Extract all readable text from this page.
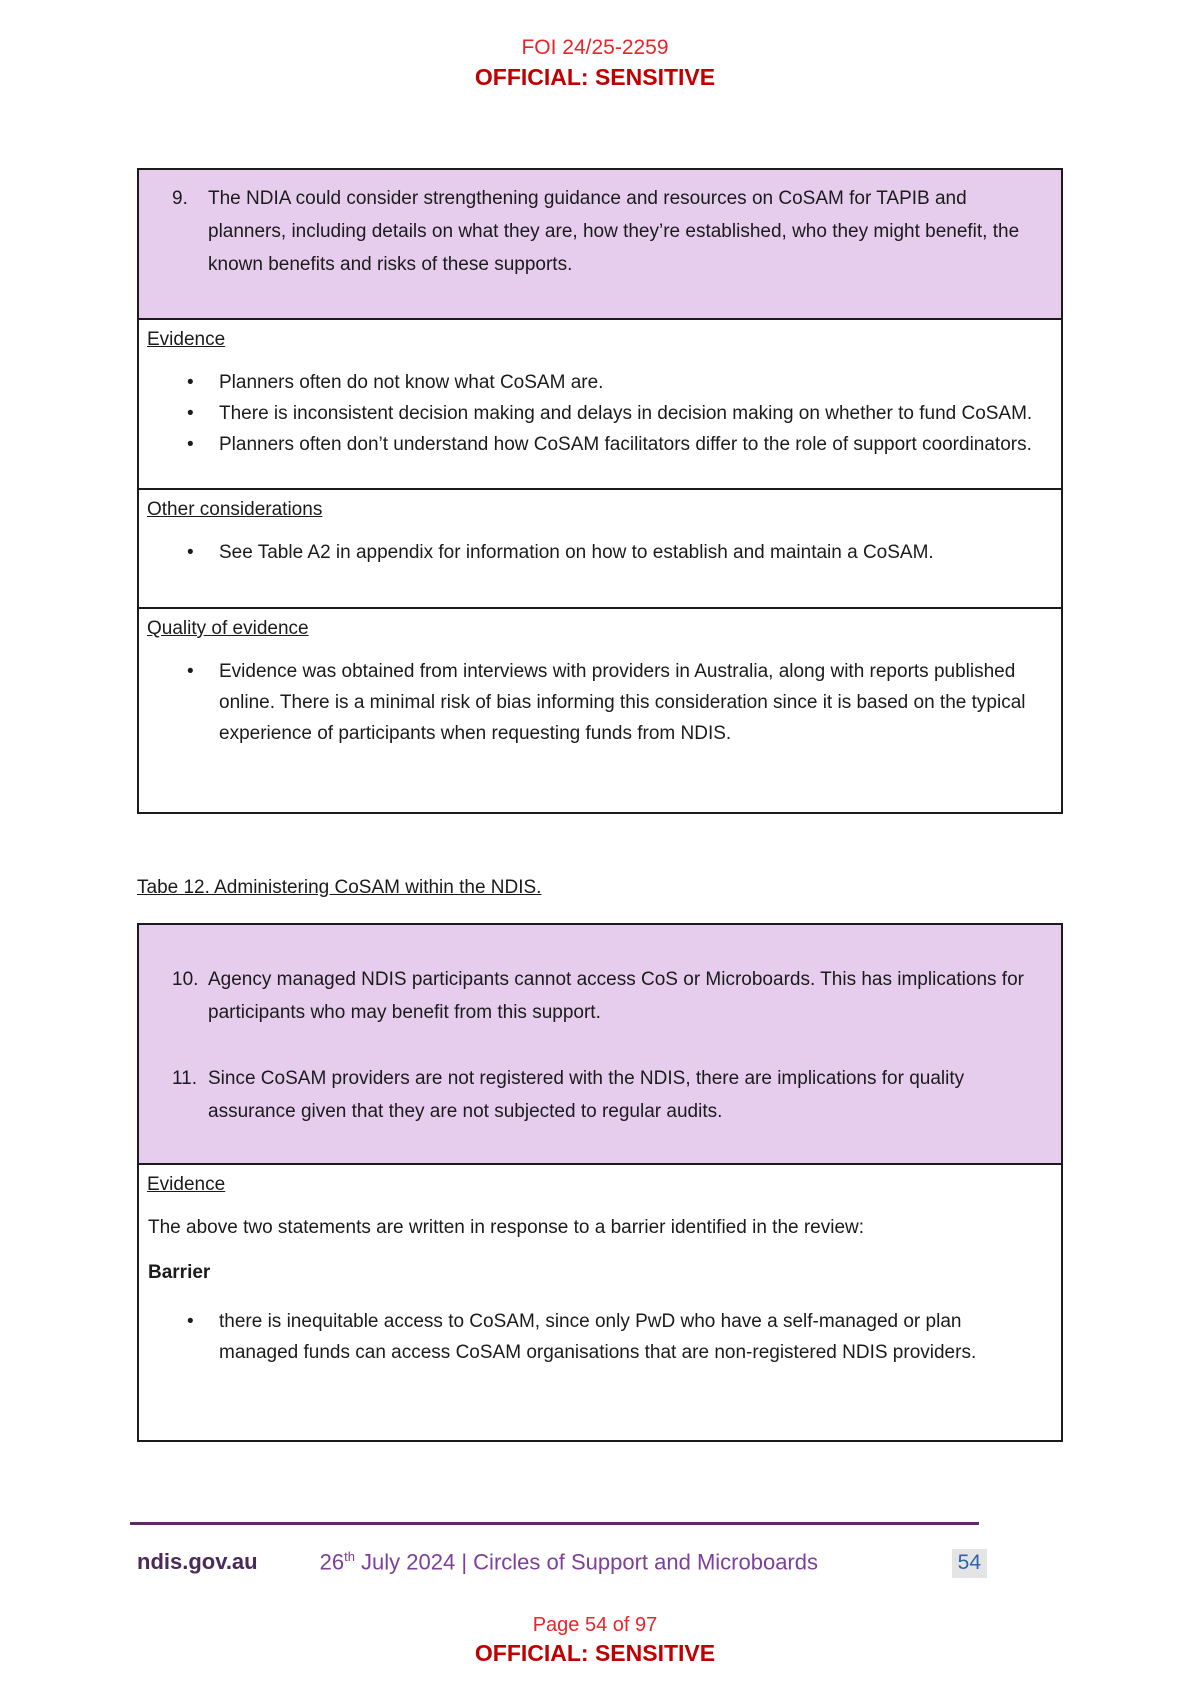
FOI 24/25-2259
OFFICIAL: SENSITIVE
9.	The NDIA could consider strengthening guidance and resources on CoSAM for TAPIB and planners, including details on what they are, how they’re established, who they might benefit, the known benefits and risks of these supports.

Evidence
• Planners often do not know what CoSAM are.
• There is inconsistent decision making and delays in decision making on whether to fund CoSAM.
• Planners often don’t understand how CoSAM facilitators differ to the role of support coordinators.

Other considerations
• See Table A2 in appendix for information on how to establish and maintain a CoSAM.

Quality of evidence
• Evidence was obtained from interviews with providers in Australia, along with reports published online. There is a minimal risk of bias informing this consideration since it is based on the typical experience of participants when requesting funds from NDIS.
Tabe 12. Administering CoSAM within the NDIS.
10. Agency managed NDIS participants cannot access CoS or Microboards. This has implications for participants who may benefit from this support.
11. Since CoSAM providers are not registered with the NDIS, there are implications for quality assurance given that they are not subjected to regular audits.

Evidence
The above two statements are written in response to a barrier identified in the review:
Barrier
• there is inequitable access to CoSAM, since only PwD who have a self-managed or plan managed funds can access CoSAM organisations that are non-registered NDIS providers.
ndis.gov.au	26th July 2024 | Circles of Support and Microboards	54
Page 54 of 97
OFFICIAL: SENSITIVE
